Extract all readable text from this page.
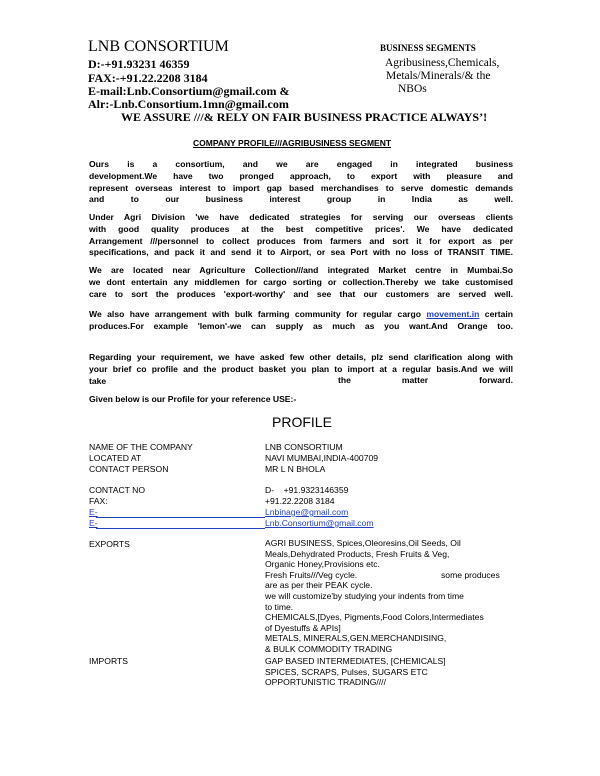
LNB CONSORTIUM
D:-+91.93231 46359
FAX:-+91.22.2208 3184
E-mail:Lnb.Consortium@gmail.com &
Alr:-Lnb.Consortium.1mn@gmail.com
BUSINESS SEGMENTS
Agribusiness,Chemicals,
Metals/Minerals/& the
NBOs
WE ASSURE ///& RELY ON FAIR BUSINESS PRACTICE ALWAYS’!
COMPANY PROFILE///AGRIBUSINESS SEGMENT

Ours is a consortium, and we are engaged in integrated business

development.We have two pronged approach, to export with pleasure and

represent overseas interest to import gap based merchandises to serve domestic demands

and to our business interest group in India as well.

Under Agri Division 'we have dedicated strategies for serving our overseas clients

with good quality produces at the best competitive prices'. We have dedicated

Arrangement ///personnel to collect produces from farmers and sort it for export as per

specifications, and pack it and send it to Airport, or sea Port with no loss of TRANSIT TIME.

We are located near Agriculture Collection///and integrated Market centre in Mumbai.So

we dont entertain any middlemen for cargo sorting or collection.Thereby we take customised

care to sort the produces 'export-worthy' and see that our customers are served well.

We also have arrangement with bulk farming community for regular cargo movement.in certain

produces.For example 'lemon'-we can supply as much as you want.And Orange too.

Regarding your requirement, we have asked few other details, plz send clarification along with

your brief co profile and the product basket you plan to import at a regular basis.And we will

take	the matter forward.
Given below is our Profile for your reference USE:-
PROFILE
NAME OF THE COMPANY	LNB CONSORTIUM
LOCATED AT	NAVI MUMBAI,INDIA-400709
CONTACT PERSON	MR L N BHOLA
CONTACT NO	D-    +91.9323146359
FAX:	+91.22.2208 3184
E-	Lnbinage@gmail.com
E-	Lnb.Consortium@gmail.com
EXPORTS	AGRI BUSINESS, Spices,Oleoresins,Oil Seeds, Oil
Meals,Dehydrated Products, Fresh Fruits & Veg,
Organic Honey,Provisions etc.
Fresh Fruits///Veg cycle.	some produces
are as per their PEAK cycle.
we will customize'by studying your indents from time
to time.
CHEMICALS,[Dyes, Pigments,Food Colors,Intermediates
of Dyestuffs & APIs]
METALS, MINERALS,GEN.MERCHANDISING,
& BULK COMMODITY TRADING
IMPORTS	GAP BASED INTERMEDIATES, [CHEMICALS]
SPICES, SCRAPS, Pulses, SUGARS ETC
OPPORTUNISTIC TRADING////
